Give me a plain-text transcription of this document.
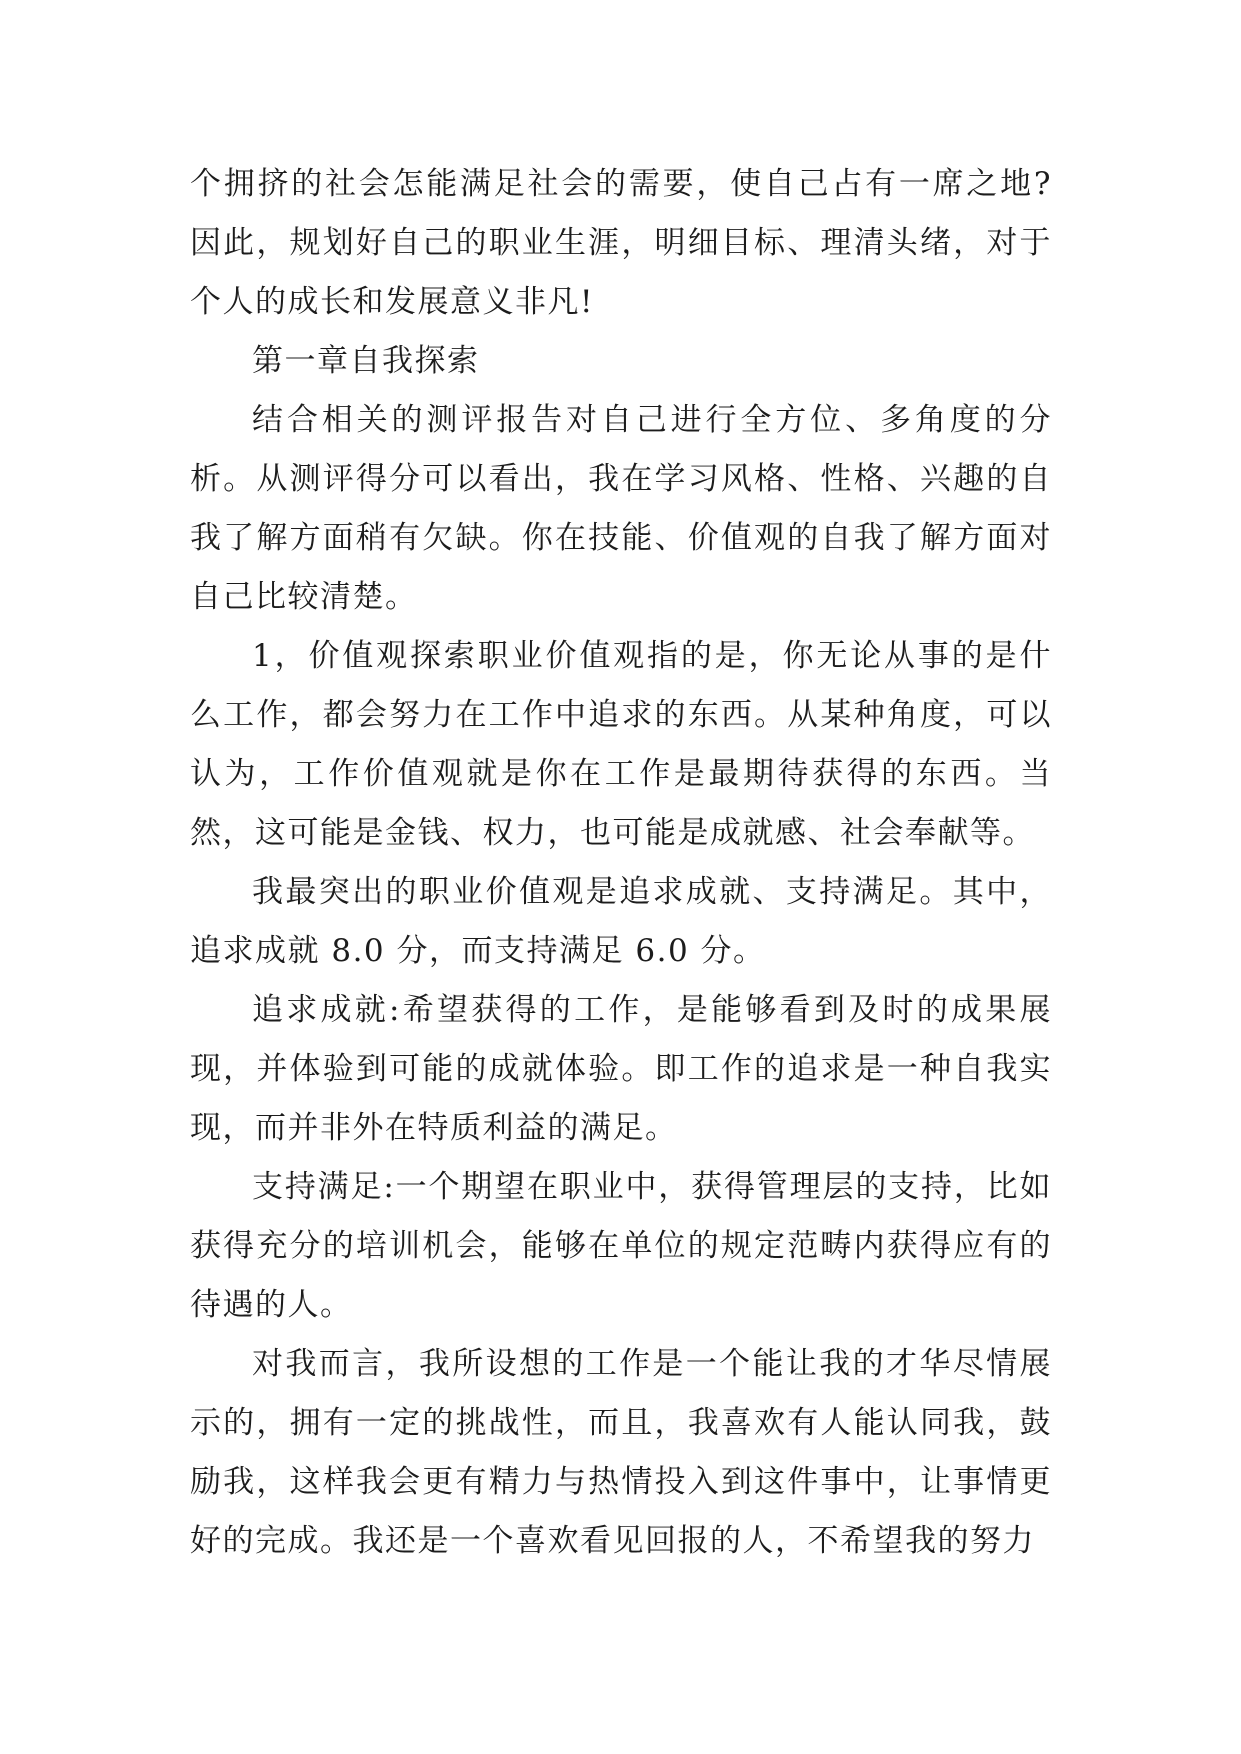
个拥挤的社会怎能满足社会的需要，使自己占有一席之地?因此，规划好自己的职业生涯，明细目标、理清头绪，对于个人的成长和发展意义非凡!

第一章自我探索

结合相关的测评报告对自己进行全方位、多角度的分析。从测评得分可以看出，我在学习风格、性格、兴趣的自我了解方面稍有欠缺。你在技能、价值观的自我了解方面对自己比较清楚。

1，价值观探索职业价值观指的是，你无论从事的是什么工作，都会努力在工作中追求的东西。从某种角度，可以认为，工作价值观就是你在工作是最期待获得的东西。当然，这可能是金钱、权力，也可能是成就感、社会奉献等。

我最突出的职业价值观是追求成就、支持满足。其中，追求成就 8.0 分，而支持满足 6.0 分。

追求成就:希望获得的工作，是能够看到及时的成果展现，并体验到可能的成就体验。即工作的追求是一种自我实现，而并非外在特质利益的满足。

支持满足:一个期望在职业中，获得管理层的支持，比如获得充分的培训机会，能够在单位的规定范畴内获得应有的待遇的人。

对我而言，我所设想的工作是一个能让我的才华尽情展示的，拥有一定的挑战性，而且，我喜欢有人能认同我，鼓励我，这样我会更有精力与热情投入到这件事中，让事情更好的完成。我还是一个喜欢看见回报的人，不希望我的努力
